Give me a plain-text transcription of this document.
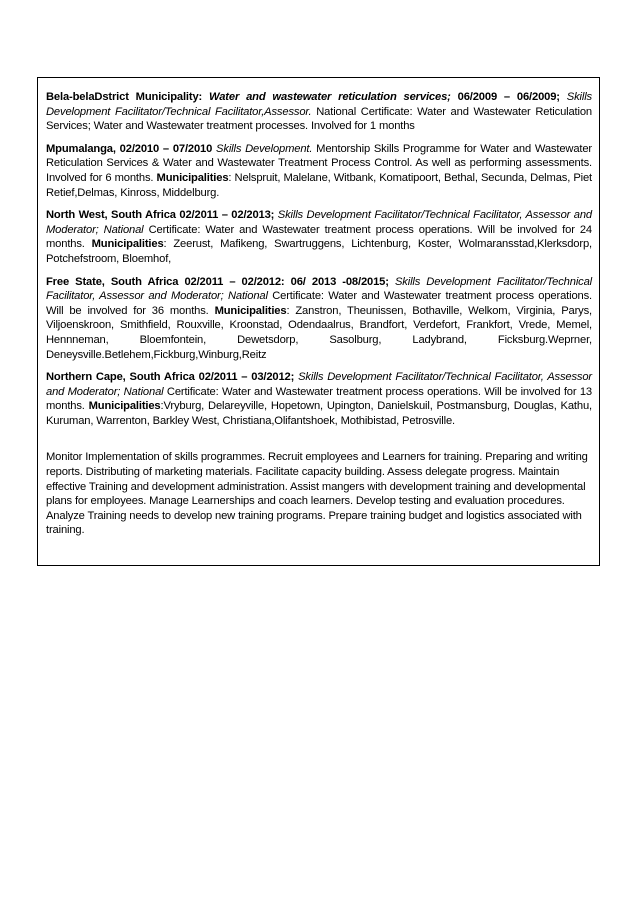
Bela-belaDstrict Municipality: Water and wastewater reticulation services; 06/2009 – 06/2009; Skills Development Facilitator/Technical Facilitator,Assessor. National Certificate: Water and Wastewater Reticulation Services; Water and Wastewater treatment processes. Involved for 1 months

Mpumalanga, 02/2010 – 07/2010 Skills Development. Mentorship Skills Programme for Water and Wastewater Reticulation Services & Water and Wastewater Treatment Process Control. As well as performing assessments. Involved for 6 months. Municipalities: Nelspruit, Malelane, Witbank, Komatipoort, Bethal, Secunda, Delmas, Piet Retief,Delmas, Kinross, Middelburg.

North West, South Africa 02/2011 – 02/2013; Skills Development Facilitator/Technical Facilitator, Assessor and Moderator; National Certificate: Water and Wastewater treatment process operations. Will be involved for 24 months. Municipalities: Zeerust, Mafikeng, Swartruggens, Lichtenburg, Koster, Wolmaransstad,Klerksdorp, Potchefstroom, Bloemhof,

Free State, South Africa 02/2011 – 02/2012: 06/ 2013 -08/2015; Skills Development Facilitator/Technical Facilitator, Assessor and Moderator; National Certificate: Water and Wastewater treatment process operations. Will be involved for 36 months. Municipalities: Zanstron, Theunissen, Bothaville, Welkom, Virginia, Parys, Viljoenskroon, Smithfield, Rouxville, Kroonstad, Odendaalrus, Brandfort, Verdefort, Frankfort, Vrede, Memel, Hennneman, Bloemfontein, Dewetsdorp, Sasolburg, Ladybrand, Ficksburg.Weprner, Deneysville.Betlehem,Fickburg,Winburg,Reitz

Northern Cape, South Africa 02/2011 – 03/2012; Skills Development Facilitator/Technical Facilitator, Assessor and Moderator; National Certificate: Water and Wastewater treatment process operations. Will be involved for 13 months. Municipalities:Vryburg, Delareyville, Hopetown, Upington, Danielskuil, Postmansburg, Douglas, Kathu, Kuruman, Warrenton, Barkley West, Christiana,Olifantshoek, Mothibistad, Petrosville.

Monitor Implementation of skills programmes. Recruit employees and Learners for training. Preparing and writing reports. Distributing of marketing materials. Facilitate capacity building. Assess delegate progress. Maintain effective Training and development administration. Assist mangers with development training and developmental plans for employees. Manage Learnerships and coach learners. Develop testing and evaluation procedures. Analyze Training needs to develop new training programs. Prepare training budget and logistics associated with training.
